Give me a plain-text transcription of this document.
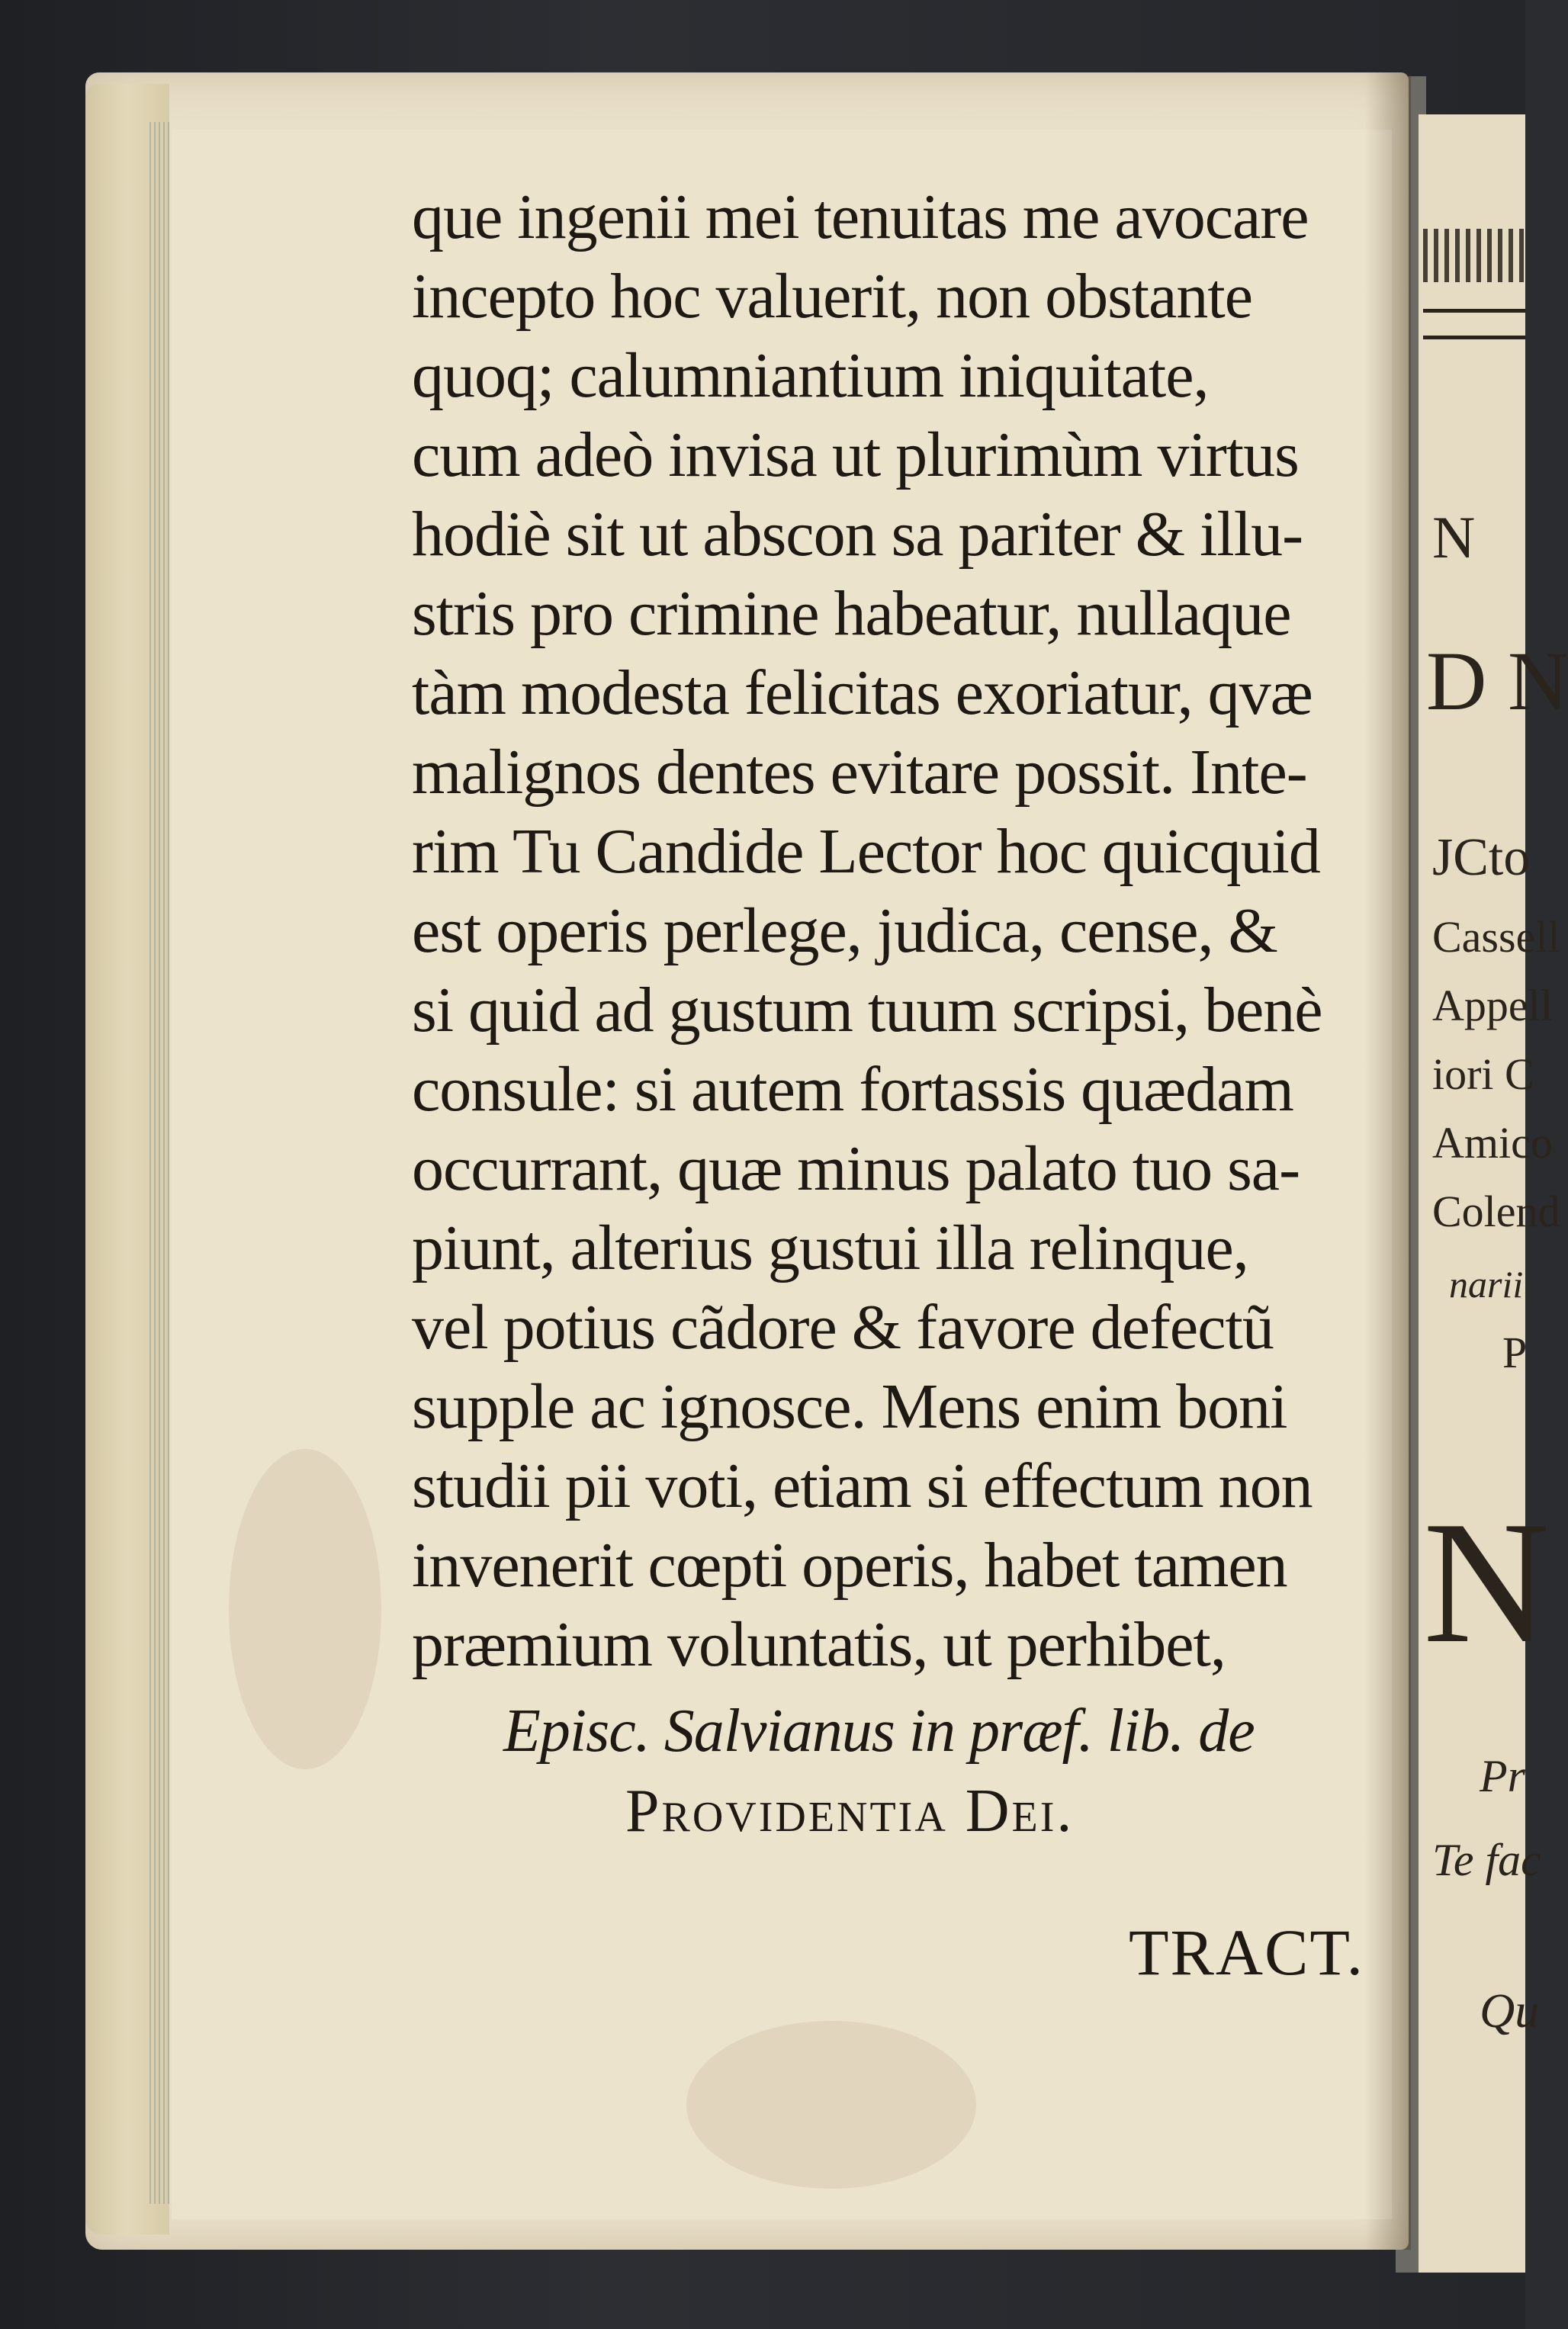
N
D N
JCto
Cassell
Appell
iori C
Amico
Colend
narii
P
N
Pr
Te fac
Qu
que ingenii mei tenuitas me avocare
incepto hoc valuerit, non obstante
quoq; calumniantium iniquitate,
cum adeò invisa ut plurimùm virtus
hodiè sit ut abscon sa pariter & illu-
stris pro crimine habeatur, nullaque
tàm modesta felicitas exoriatur, qvæ
malignos dentes evitare possit. Inte-
rim Tu Candide Lector hoc quicquid
est operis perlege, judica, cense, &
si quid ad gustum tuum scripsi, benè
consule: si autem fortassis quædam
occurrant, quæ minus palato tuo sa-
piunt, alterius gustui illa relinque,
vel potius cãdore & favore defectũ
supple ac ignosce. Mens enim boni
studii pii voti, etiam si effectum non
invenerit cœpti operis, habet tamen
præmium voluntatis, ut perhibet,
Episc. Salvianus in præf. lib. de
Providentia Dei.
TRACT.
